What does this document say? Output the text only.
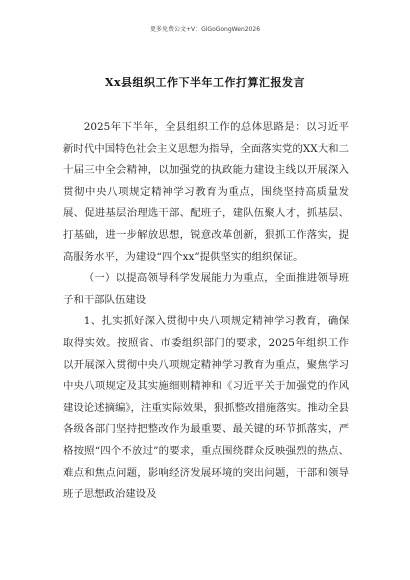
更多免费公文+V：GiGoGongWen2026
Xx县组织工作下半年工作打算汇报发言

2025年下半年，全县组织工作的总体思路是：以习近平新时代中国特色社会主义思想为指导，全面落实党的XX大和二十届三中全会精神，以加强党的执政能力建设主线以开展深入贯彻中央八项规定精神学习教育为重点，围绕坚持高质量发展、促进基层治理选干部、配班子，建队伍聚人才，抓基层、打基础，进一步解放思想，锐意改革创新，狠抓工作落实，提高服务水平，为建设“四个xx”提供坚实的组织保证。

（一）以提高领导科学发展能力为重点，全面推进领导班子和干部队伍建设

1、扎实抓好深入贯彻中央八项规定精神学习教育，确保取得实效。按照省、市委组织部门的要求，2025年组织工作以开展深入贯彻中央八项规定精神学习教育为重点，聚焦学习中央八项规定及其实施细则精神和《习近平关于加强党的作风建设论述摘编》，注重实际效果，狠抓整改措施落实。推动全县各级各部门坚持把整改作为最重要、最关键的环节抓落实，严格按照“四个不放过”的要求，重点围绕群众反映强烈的热点、难点和焦点问题，影响经济发展环境的突出问题，干部和领导班子思想政治建设及
